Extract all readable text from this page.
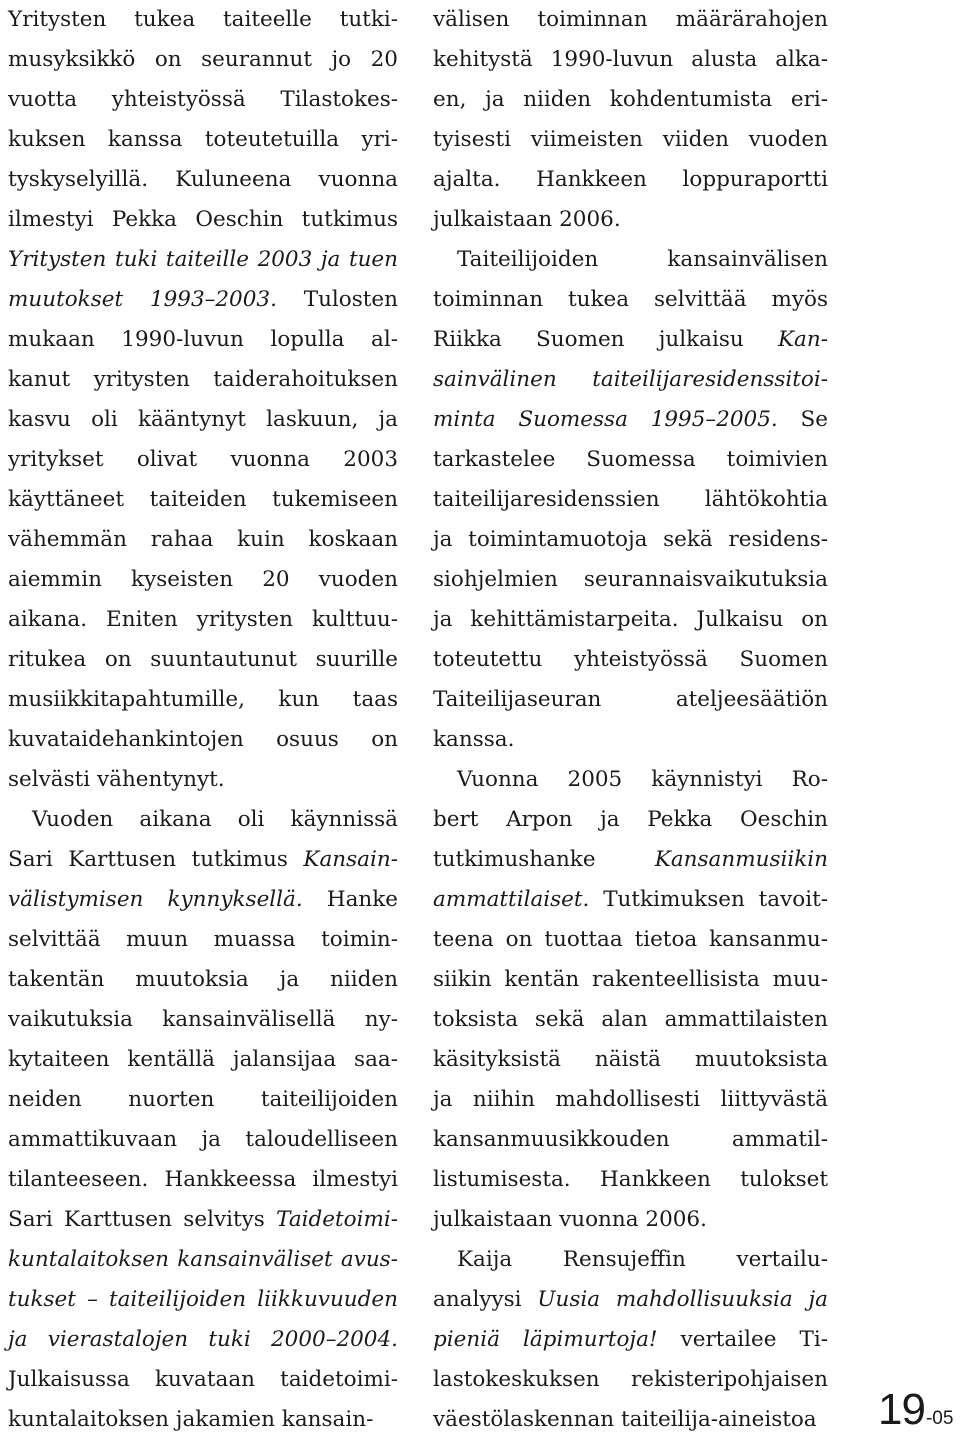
Yritysten tukea taiteelle tutki-
musyksikkö on seurannut jo 20
vuotta yhteistyössä Tilastokes-
kuksen kanssa toteutetuilla yri-
tyskyselyillä. Kuluneena vuonna
ilmestyi Pekka Oeschin tutkimus
Yritysten tuki taiteille 2003 ja tuen
muutokset 1993–2003. Tulosten
mukaan 1990-luvun lopulla al-
kanut yritysten taiderahoituksen
kasvu oli kääntynyt laskuun, ja
yritykset olivat vuonna 2003
käyttäneet taiteiden tukemiseen
vähemmän rahaa kuin koskaan
aiemmin kyseisten 20 vuoden
aikana. Eniten yritysten kulttuu-
ritukea on suuntautunut suurille
musiikkitapahtumille, kun taas
kuvataidehankintojen osuus on
selvästi vähentynyt.
Vuoden aikana oli käynnissä
Sari Karttusen tutkimus Kansain-
välistymisen kynnyksellä. Hanke
selvittää muun muassa toimin-
takentän muutoksia ja niiden
vaikutuksia kansainvälisellä ny-
kytaiteen kentällä jalansijaa saa-
neiden nuorten taiteilijoiden
ammattikuvaan ja taloudelliseen
tilanteeseen. Hankkeessa ilmestyi
Sari Karttusen selvitys Taidetoimi-
kuntalaitoksen kansainväliset avus-
tukset – taiteilijoiden liikkuvuuden
ja vierastalojen tuki 2000–2004.
Julkaisussa kuvataan taidetoimi-
kuntalaitoksen jakamien kansain-
välisen toiminnan määrärahojen
kehitystä 1990-luvun alusta alka-
en, ja niiden kohdentumista eri-
tyisesti viimeisten viiden vuoden
ajalta. Hankkeen loppuraportti
julkaistaan 2006.
Taiteilijoiden kansainvälisen
toiminnan tukea selvittää myös
Riikka Suomen julkaisu Kan-
sainvälinen taiteilijaresidenssitoi-
minta Suomessa 1995–2005. Se
tarkastelee Suomessa toimivien
taiteilijaresidenssien lähtökohtia
ja toimintamuotoja sekä residens-
siohjelmien seurannaisvaikutuksia
ja kehittämistarpeita. Julkaisu on
toteutettu yhteistyössä Suomen
Taiteilijaseuran ateljeesäätiön
kanssa.
Vuonna 2005 käynnistyi Ro-
bert Arpon ja Pekka Oeschin
tutkimushanke Kansanmusiikin
ammattilaiset. Tutkimuksen tavoit-
teena on tuottaa tietoa kansanmu-
siikin kentän rakenteellisista muu-
toksista sekä alan ammattilaisten
käsityksistä näistä muutoksista
ja niihin mahdollisesti liittyvästä
kansanmuusikkouden ammatil-
listumisesta. Hankkeen tulokset
julkaistaan vuonna 2006.
Kaija Rensujeffin vertailu-
analyysi Uusia mahdollisuuksia ja
pieniä läpimurtoja! vertailee Ti-
lastokeskuksen rekisteripohjaisen
väestölaskennan taiteilija-aineistoa 19-05
